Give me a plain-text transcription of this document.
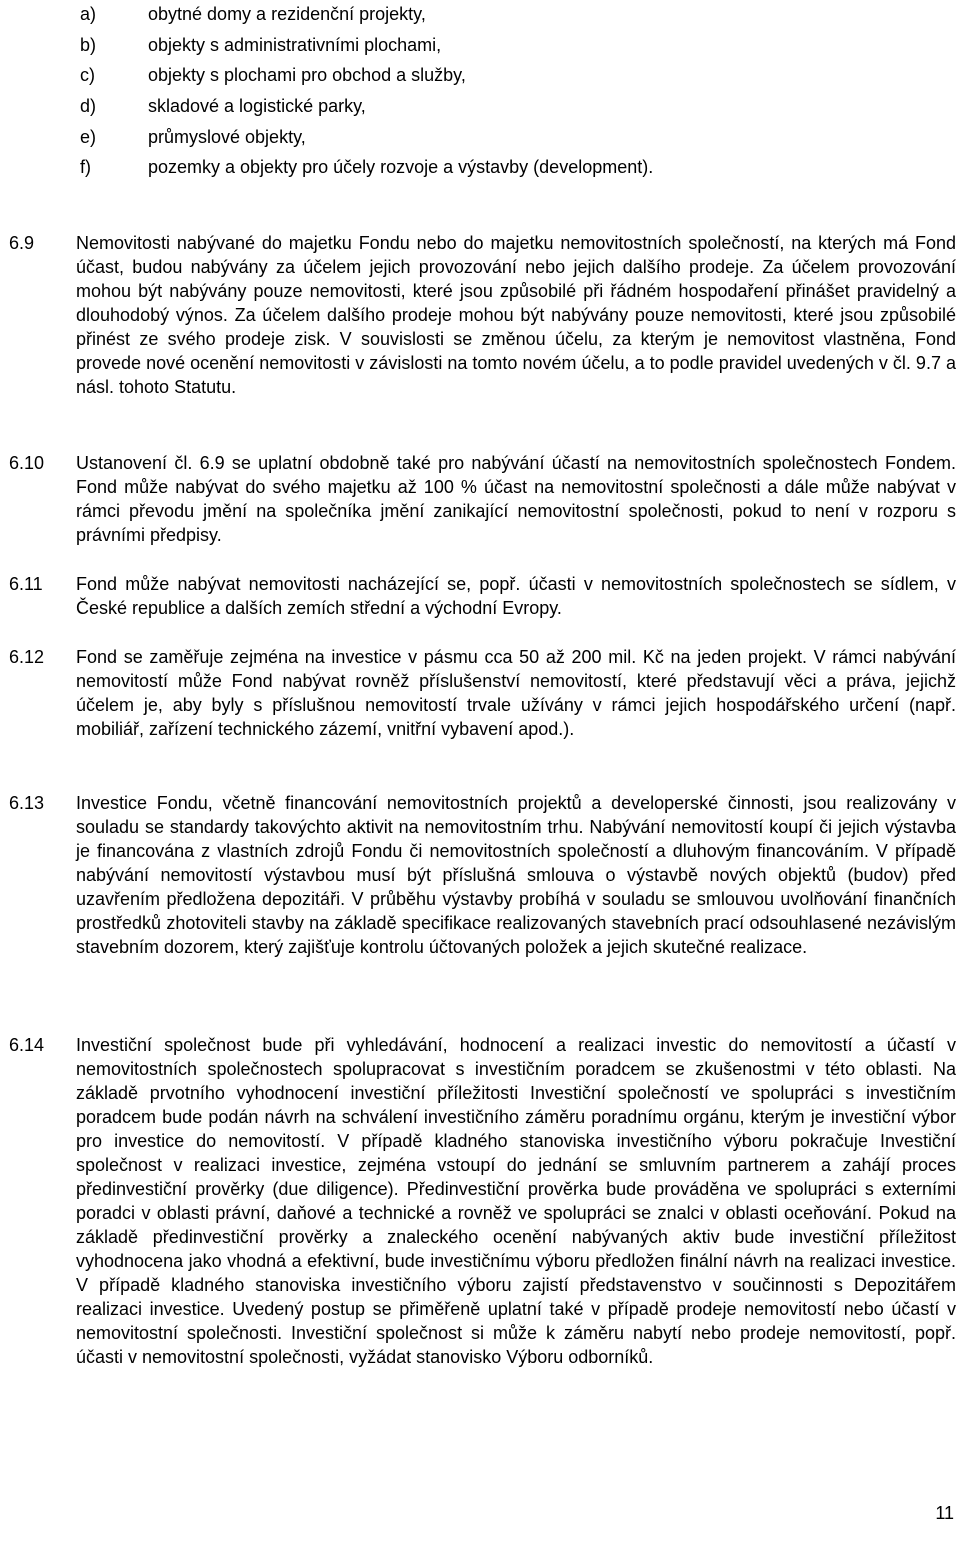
a)	obytné domy a rezidenční projekty,
b)	objekty s administrativními plochami,
c)	objekty s plochami pro obchod a služby,
d)	skladové a logistické parky,
e)	průmyslové objekty,
f)	pozemky a objekty pro účely rozvoje a výstavby (development).
6.9 Nemovitosti nabývané do majetku Fondu nebo do majetku nemovitostních společností, na kterých má Fond účast, budou nabývány za účelem jejich provozování nebo jejich dalšího prodeje. Za účelem provozování mohou být nabývány pouze nemovitosti, které jsou způsobilé při řádném hospodaření přinášet pravidelný a dlouhodobý výnos. Za účelem dalšího prodeje mohou být nabývány pouze nemovitosti, které jsou způsobilé přinést ze svého prodeje zisk. V souvislosti se změnou účelu, za kterým je nemovitost vlastněna, Fond provede nové ocenění nemovitosti v závislosti na tomto novém účelu, a to podle pravidel uvedených v čl. 9.7 a násl. tohoto Statutu.
6.10 Ustanovení čl. 6.9 se uplatní obdobně také pro nabývání účastí na nemovitostních společnostech Fondem. Fond může nabývat do svého majetku až 100 % účast na nemovitostní společnosti a dále může nabývat v rámci převodu jmění na společníka jmění zanikající nemovitostní společnosti, pokud to není v rozporu s právními předpisy.
6.11 Fond může nabývat nemovitosti nacházející se, popř. účasti v nemovitostních společnostech se sídlem, v České republice a dalších zemích střední a východní Evropy.
6.12 Fond se zaměřuje zejména na investice v pásmu cca 50 až 200 mil. Kč na jeden projekt. V rámci nabývání nemovitostí může Fond nabývat rovněž příslušenství nemovitostí, které představují věci a práva, jejichž účelem je, aby byly s příslušnou nemovitostí trvale užívány v rámci jejich hospodářského určení (např. mobiliář, zařízení technického zázemí, vnitřní vybavení apod.).
6.13 Investice Fondu, včetně financování nemovitostních projektů a developerské činnosti, jsou realizovány v souladu se standardy takovýchto aktivit na nemovitostním trhu. Nabývání nemovitostí koupí či jejich výstavba je financována z vlastních zdrojů Fondu či nemovitostních společností a dluhovým financováním. V případě nabývání nemovitostí výstavbou musí být příslušná smlouva o výstavbě nových objektů (budov) před uzavřením předložena depozitáři. V průběhu výstavby probíhá v souladu se smlouvou uvolňování finančních prostředků zhotoviteli stavby na základě specifikace realizovaných stavebních prací odsouhlasené nezávislým stavebním dozorem, který zajišťuje kontrolu účtovaných položek a jejich skutečné realizace.
6.14 Investiční společnost bude při vyhledávání, hodnocení a realizaci investic do nemovitostí a účastí v nemovitostních společnostech spolupracovat s investičním poradcem se zkušenostmi v této oblasti. Na základě prvotního vyhodnocení investiční příležitosti Investiční společností ve spolupráci s investičním poradcem bude podán návrh na schválení investičního záměru poradnímu orgánu, kterým je investiční výbor pro investice do nemovitostí. V případě kladného stanoviska investičního výboru pokračuje Investiční společnost v realizaci investice, zejména vstoupí do jednání se smluvním partnerem a zahájí proces předinvestiční prověrky (due diligence). Předinvestiční prověrka bude prováděna ve spolupráci s externími poradci v oblasti právní, daňové a technické a rovněž ve spolupráci se znalci v oblasti oceňování. Pokud na základě předinvestiční prověrky a znaleckého ocenění nabývaných aktiv bude investiční příležitost vyhodnocena jako vhodná a efektivní, bude investičnímu výboru předložen finální návrh na realizaci investice. V případě kladného stanoviska investičního výboru zajistí představenstvo v součinnosti s Depozitářem realizaci investice. Uvedený postup se přiměřeně uplatní také v případě prodeje nemovitostí nebo účastí v nemovitostní společnosti. Investiční společnost si může k záměru nabytí nebo prodeje nemovitostí, popř. účasti v nemovitostní společnosti, vyžádat stanovisko Výboru odborníků.
11
